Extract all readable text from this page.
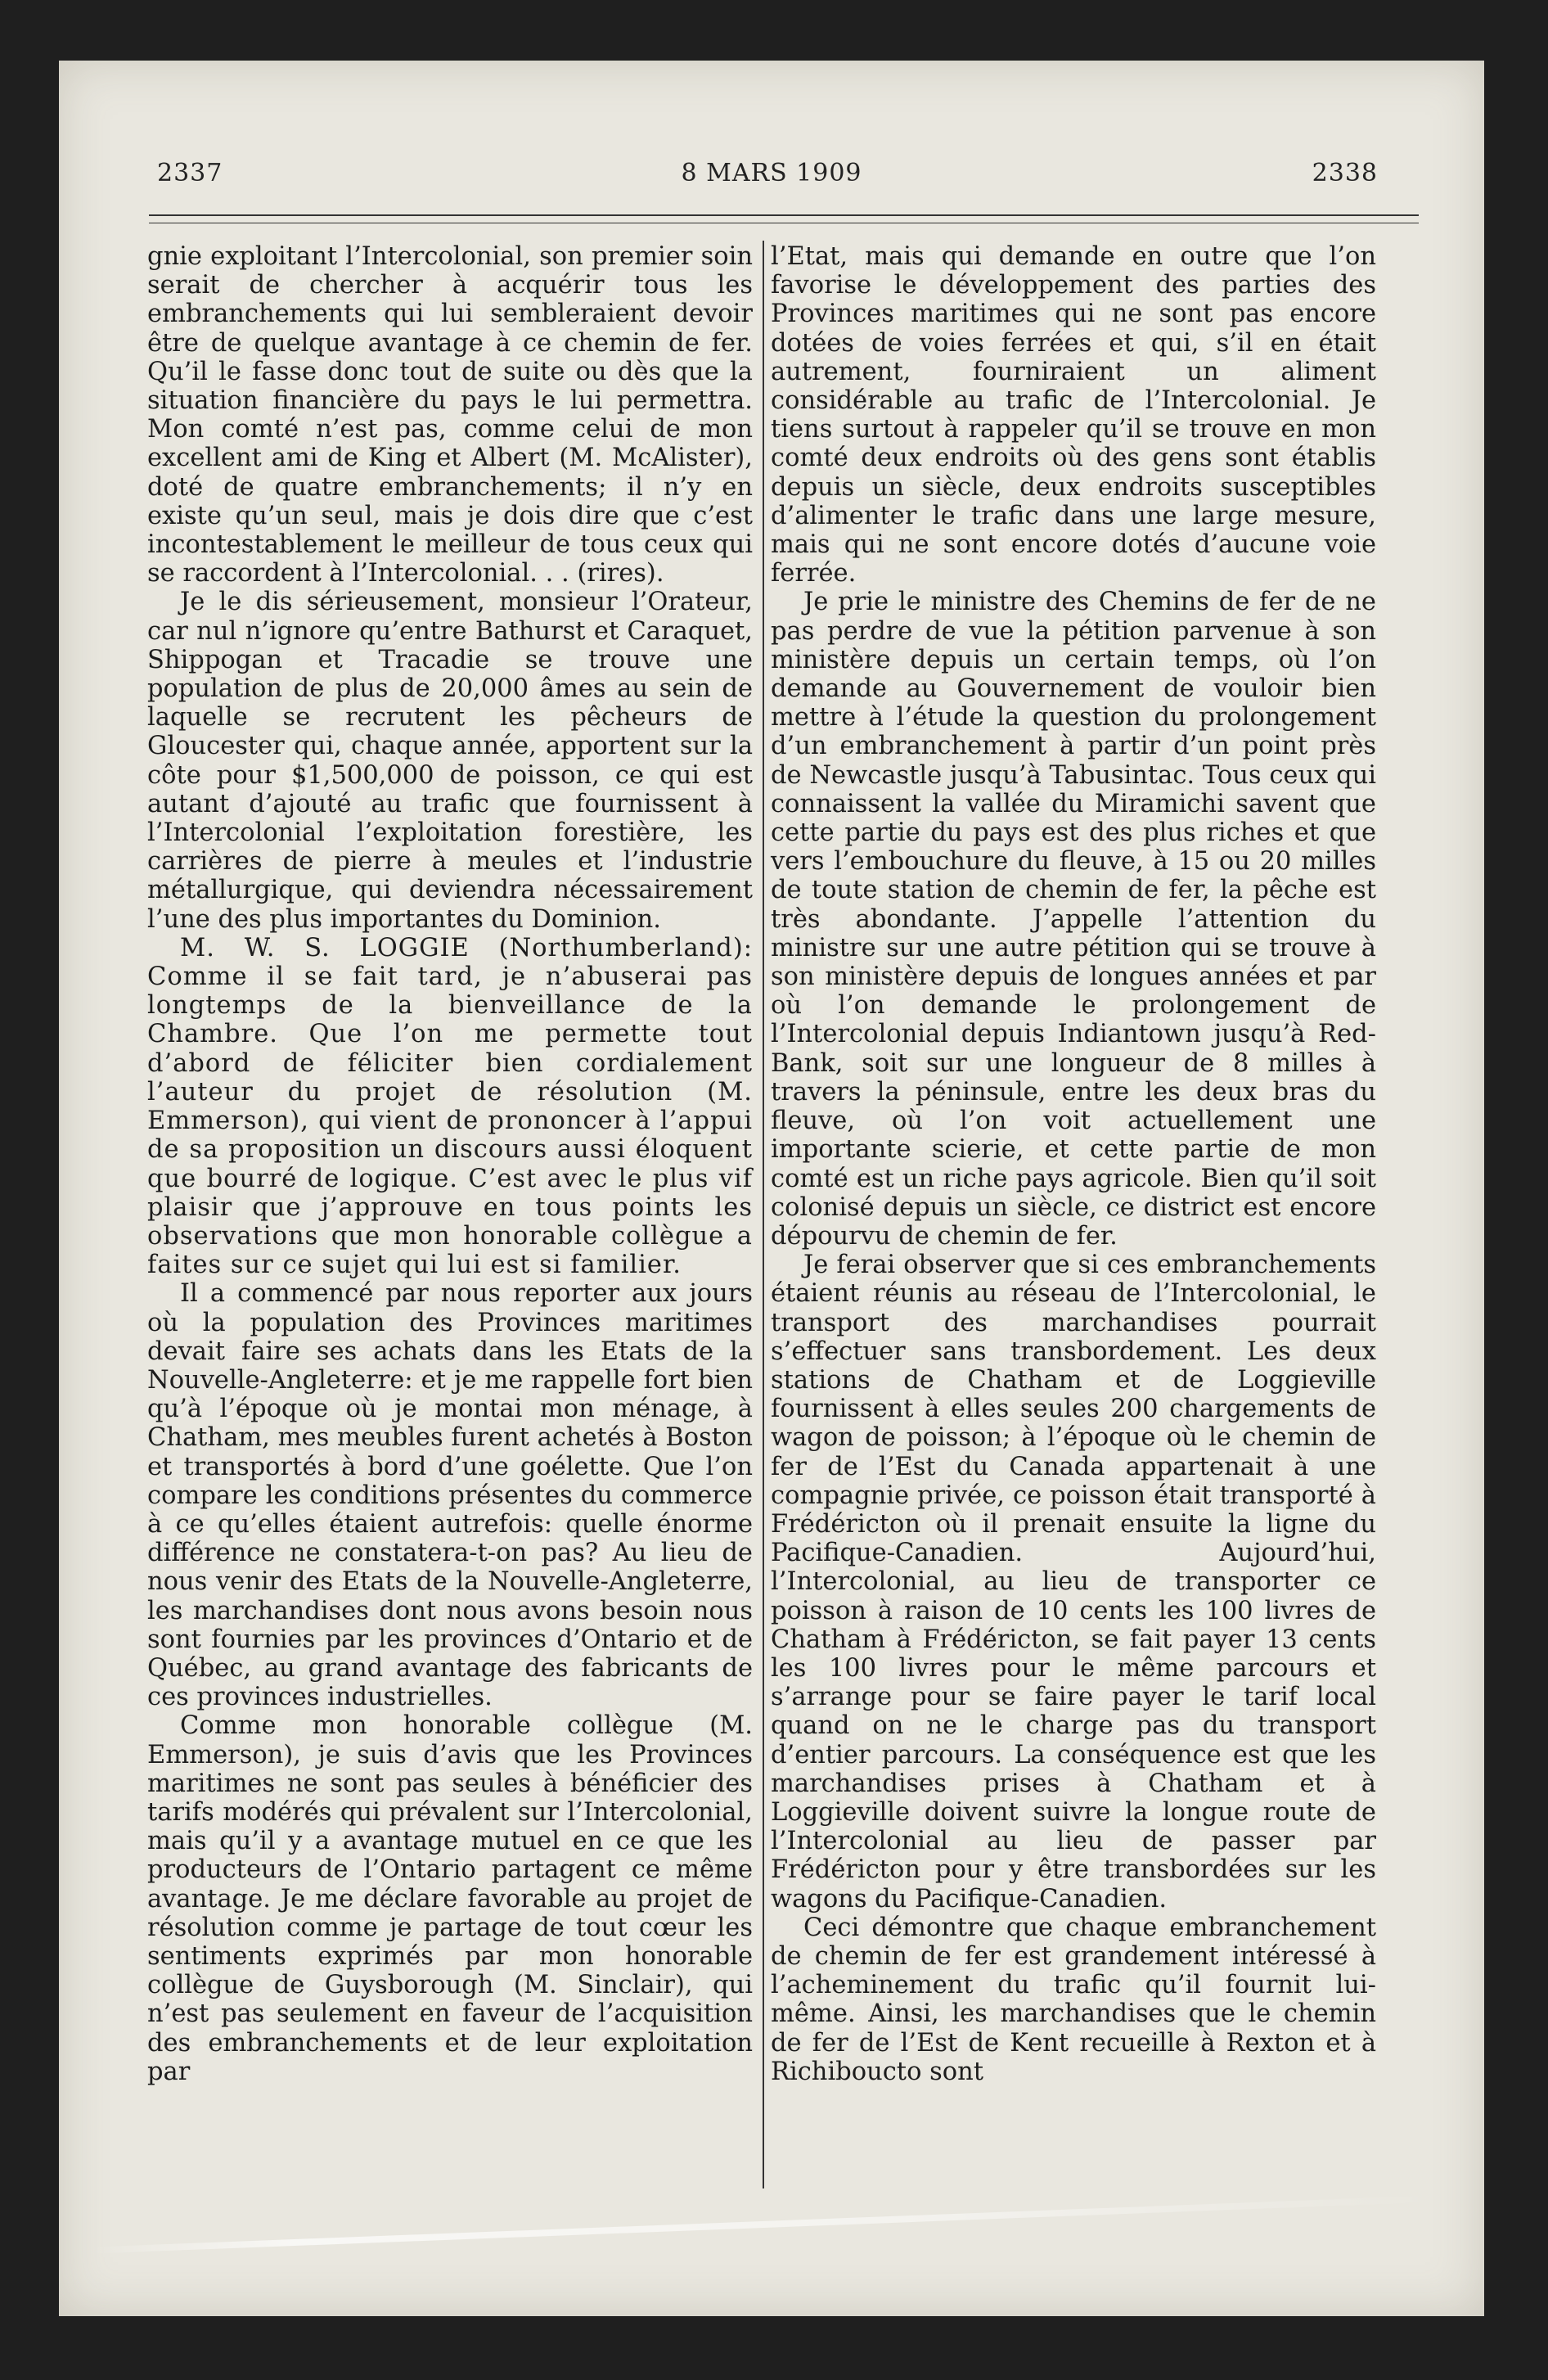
2337	8 MARS 1909	2338

gnie exploitant l’Intercolonial, son premier soin serait de chercher à acquérir tous les embranchements qui lui sembleraient devoir être de quelque avantage à ce chemin de fer. Qu’il le fasse donc tout de suite ou dès que la situation financière du pays le lui permettra. Mon comté n’est pas, comme celui de mon excellent ami de King et Albert (M. McAlister), doté de quatre embranchements; il n’y en existe qu’un seul, mais je dois dire que c’est incontestablement le meilleur de tous ceux qui se raccordent à l’Intercolonial. . . (rires).

Je le dis sérieusement, monsieur l’Orateur, car nul n’ignore qu’entre Bathurst et Caraquet, Shippogan et Tracadie se trouve une population de plus de 20,000 âmes au sein de laquelle se recrutent les pêcheurs de Gloucester qui, chaque année, apportent sur la côte pour $1,500,000 de poisson, ce qui est autant d’ajouté au trafic que fournissent à l’Intercolonial l’exploitation forestière, les carrières de pierre à meules et l’industrie métallurgique, qui deviendra nécessairement l’une des plus importantes du Dominion.

M. W. S. LOGGIE (Northumberland): Comme il se fait tard, je n’abuserai pas longtemps de la bienveillance de la Chambre. Que l’on me permette tout d’abord de féliciter bien cordialement l’auteur du projet de résolution (M. Emmerson), qui vient de prononcer à l’appui de sa proposition un discours aussi éloquent que bourré de logique. C’est avec le plus vif plaisir que j’approuve en tous points les observations que mon honorable collègue a faites sur ce sujet qui lui est si familier.

Il a commencé par nous reporter aux jours où la population des Provinces maritimes devait faire ses achats dans les Etats de la Nouvelle-Angleterre: et je me rappelle fort bien qu’à l’époque où je montai mon ménage, à Chatham, mes meubles furent achetés à Boston et transportés à bord d’une goélette. Que l’on compare les conditions présentes du commerce à ce qu’elles étaient autrefois: quelle énorme différence ne constatera-t-on pas? Au lieu de nous venir des Etats de la Nouvelle-Angleterre, les marchandises dont nous avons besoin nous sont fournies par les provinces d’Ontario et de Québec, au grand avantage des fabricants de ces provinces industrielles.

Comme mon honorable collègue (M. Emmerson), je suis d’avis que les Provinces maritimes ne sont pas seules à bénéficier des tarifs modérés qui prévalent sur l’Intercolonial, mais qu’il y a avantage mutuel en ce que les producteurs de l’Ontario partagent ce même avantage. Je me déclare favorable au projet de résolution comme je partage de tout cœur les sentiments exprimés par mon honorable collègue de Guysborough (M. Sinclair), qui n’est pas seulement en faveur de l’acquisition des embranchements et de leur exploitation par

l’Etat, mais qui demande en outre que l’on favorise le développement des parties des Provinces maritimes qui ne sont pas encore dotées de voies ferrées et qui, s’il en était autrement, fourniraient un aliment considérable au trafic de l’Intercolonial. Je tiens surtout à rappeler qu’il se trouve en mon comté deux endroits où des gens sont établis depuis un siècle, deux endroits susceptibles d’alimenter le trafic dans une large mesure, mais qui ne sont encore dotés d’aucune voie ferrée.

Je prie le ministre des Chemins de fer de ne pas perdre de vue la pétition parvenue à son ministère depuis un certain temps, où l’on demande au Gouvernement de vouloir bien mettre à l’étude la question du prolongement d’un embranchement à partir d’un point près de Newcastle jusqu’à Tabusintac. Tous ceux qui connaissent la vallée du Miramichi savent que cette partie du pays est des plus riches et que vers l’embouchure du fleuve, à 15 ou 20 milles de toute station de chemin de fer, la pêche est très abondante. J’appelle l’attention du ministre sur une autre pétition qui se trouve à son ministère depuis de longues années et par où l’on demande le prolongement de l’Intercolonial depuis Indiantown jusqu’à Red-Bank, soit sur une longueur de 8 milles à travers la péninsule, entre les deux bras du fleuve, où l’on voit actuellement une importante scierie, et cette partie de mon comté est un riche pays agricole. Bien qu’il soit colonisé depuis un siècle, ce district est encore dépourvu de chemin de fer.

Je ferai observer que si ces embranchements étaient réunis au réseau de l’Intercolonial, le transport des marchandises pourrait s’effectuer sans transbordement. Les deux stations de Chatham et de Loggieville fournissent à elles seules 200 chargements de wagon de poisson; à l’époque où le chemin de fer de l’Est du Canada appartenait à une compagnie privée, ce poisson était transporté à Frédéricton où il prenait ensuite la ligne du Pacifique-Canadien. Aujourd’hui, l’Intercolonial, au lieu de transporter ce poisson à raison de 10 cents les 100 livres de Chatham à Frédéricton, se fait payer 13 cents les 100 livres pour le même parcours et s’arrange pour se faire payer le tarif local quand on ne le charge pas du transport d’entier parcours. La conséquence est que les marchandises prises à Chatham et à Loggieville doivent suivre la longue route de l’Intercolonial au lieu de passer par Frédéricton pour y être transbordées sur les wagons du Pacifique-Canadien.

Ceci démontre que chaque embranchement de chemin de fer est grandement intéressé à l’acheminement du trafic qu’il fournit lui-même. Ainsi, les marchandises que le chemin de fer de l’Est de Kent recueille à Rexton et à Richiboucto sont
